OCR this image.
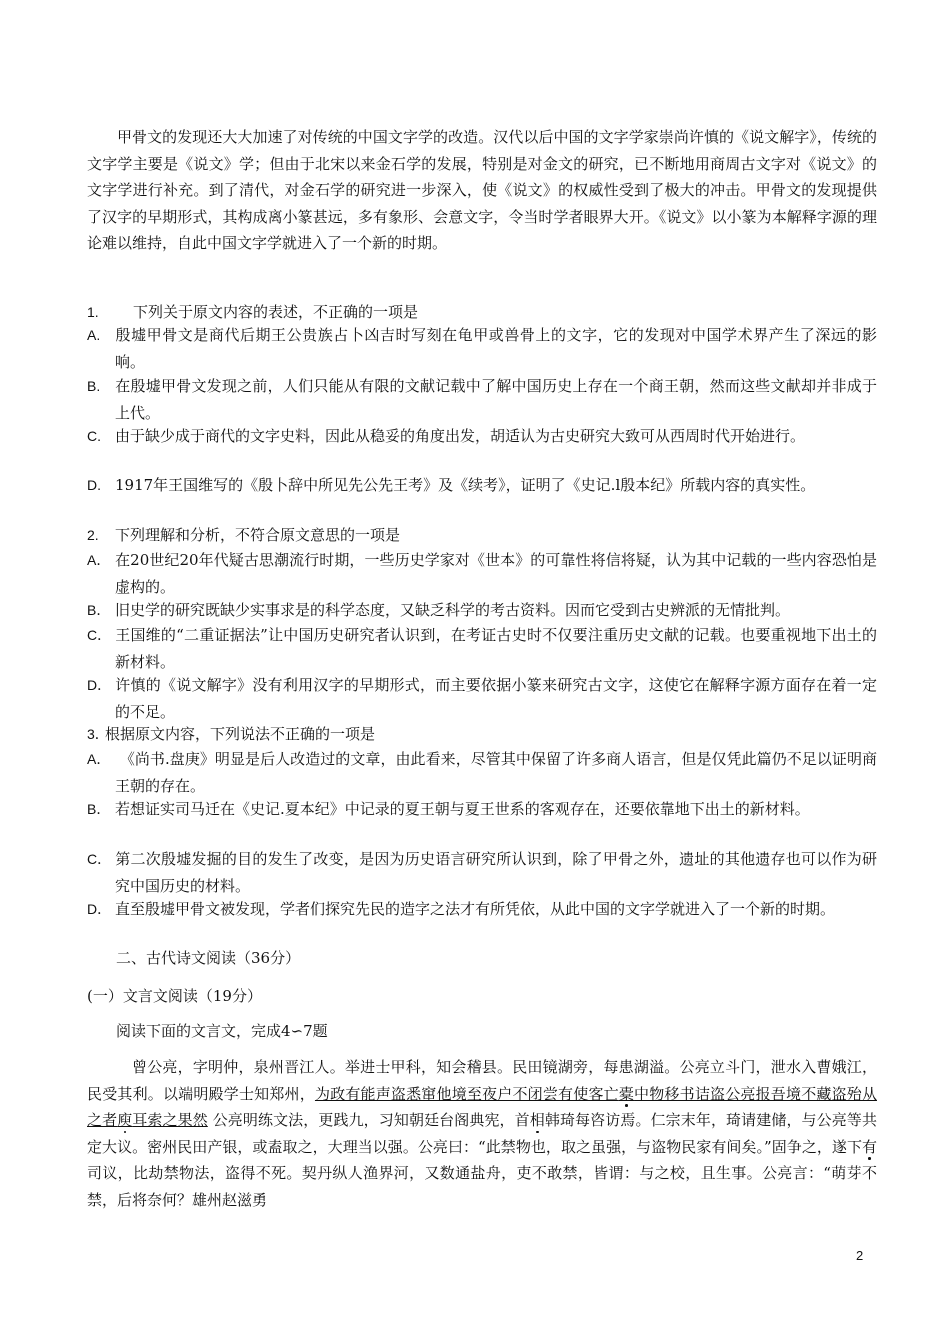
甲骨文的发现还大大加速了对传统的中国文字学的改造。汉代以后中国的文字学家崇尚许慎的《说文解字》，传统的文字学主要是《说文》学；但由于北宋以来金石学的发展，特别是对金文的研究，已不断地用商周古文字对《说文》的文字学进行补充。到了清代，对金石学的研究进一步深入，使《说文》的权威性受到了极大的冲击。甲骨文的发现提供了汉字的早期形式，其构成离小篆甚远，多有象形、会意文字，令当时学者眼界大开。《说文》以小篆为本解释字源的理论难以维持，自此中国文字学就进入了一个新的时期。

1. 下列关于原文内容的表述，不正确的一项是

A. 殷墟甲骨文是商代后期王公贵族占卜凶吉时写刻在龟甲或兽骨上的文字，它的发现对中国学术界产生了深远的影响。

B. 在殷墟甲骨文发现之前，人们只能从有限的文献记载中了解中国历史上存在一个商王朝，然而这些文献却并非成于上代。

C. 由于缺少成于商代的文字史料，因此从稳妥的角度出发，胡适认为古史研究大致可从西周时代开始进行。

D. 1917年王国维写的《殷卜辞中所见先公先王考》及《续考》，证明了《史记.l殷本纪》所载内容的真实性。

2. 下列理解和分析，不符合原文意思的一项是

A． 在20世纪20年代疑古思潮流行时期，一些历史学家对《世本》的可靠性将信将疑，认为其中记载的一些内容恐怕是虚构的。

B． 旧史学的研究既缺少实事求是的科学态度，又缺乏科学的考古资料。因而它受到古史辨派的无情批判。

C． 王国维的“二重证据法”让中国历史研究者认识到，在考证古史时不仅要注重历史文献的记载。也要重视地下出土的新材料。

D． 许慎的《说文解字》没有利用汉字的早期形式，而主要依据小篆来研究古文字，这使它在解释字源方面存在着一定的不足。

3．根据原文内容，下列说法不正确的一项是

A． 《尚书.盘庚》明显是后人改造过的文章，由此看来，尽管其中保留了许多商人语言，但是仅凭此篇仍不足以证明商王朝的存在。

B． 若想证实司马迁在《史记.夏本纪》中记录的夏王朝与夏王世系的客观存在，还要依靠地下出土的新材料。

C． 第二次殷墟发掘的目的发生了改变，是因为历史语言研究所认识到，除了甲骨之外，遗址的其他遗存也可以作为研究中国历史的材料。

D． 直至殷墟甲骨文被发现，学者们探究先民的造字之法才有所凭依，从此中国的文字学就进入了一个新的时期。

二、古代诗文阅读（36分）

(一）文言文阅读（19分）

阅读下面的文言文，完成4∽7题

曾公亮，字明仲，泉州晋江人。举进士甲科，知会稽县。民田镜湖旁，每患湖溢。公亮立斗门，泄水入曹娥江，民受其利。以端明殿学士知郑州，为政有能声盗悉窜他境至夜户不闭尝有使客亡橐中物移书诘盗公亮报吾境不藏盗殆从之者庾耳索之果然 公亮明练文法，更践九，习知朝廷台阁典宪，首相韩琦每咨访焉。仁宗末年，琦请建储，与公亮等共定大议。密州民田产银，或盍取之，大理当以强。公亮曰：“此禁物也，取之虽强，与盗物民家有间矣。”固争之，遂下有司议，比劫禁物法，盗得不死。契丹纵人渔界河，又数通盐舟，吏不敢禁，皆谓：与之校，且生事。公亮言：“萌芽不禁，后将奈何？雄州赵滋勇

2
